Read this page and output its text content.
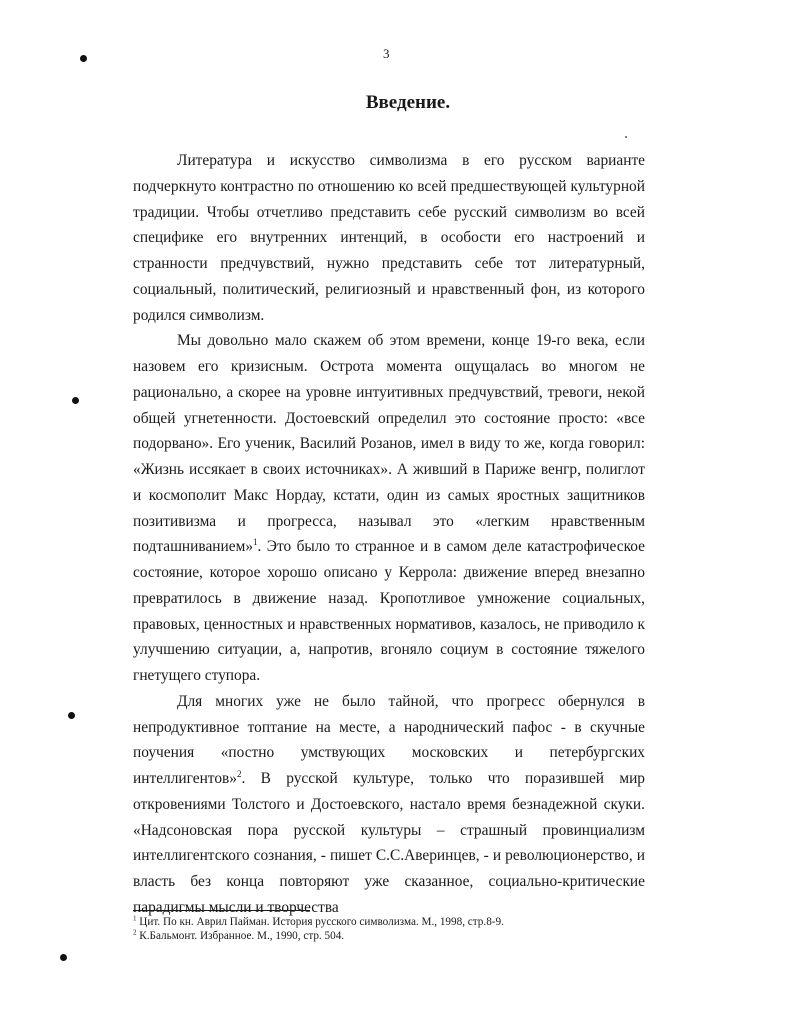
3
Введение.

Литература и искусство символизма в его русском варианте подчеркнуто контрастно по отношению ко всей предшествующей культурной традиции. Чтобы отчетливо представить себе русский символизм во всей специфике его внутренних интенций, в особости его настроений и странности предчувствий, нужно представить себе тот литературный, социальный, политический, религиозный и нравственный фон, из которого родился символизм.

Мы довольно мало скажем об этом времени, конце 19-го века, если назовем его кризисным. Острота момента ощущалась во многом не рационально, а скорее на уровне интуитивных предчувствий, тревоги, некой общей угнетенности. Достоевский определил это состояние просто: «все подорвано». Его ученик, Василий Розанов, имел в виду то же, когда говорил: «Жизнь иссякает в своих источниках». А живший в Париже венгр, полиглот и космополит Макс Нордау, кстати, один из самых яростных защитников позитивизма и прогресса, называл это «легким нравственным подташниванием»$^1$. Это было то странное и в самом деле катастрофическое состояние, которое хорошо описано у Керрола: движение вперед внезапно превратилось в движение назад. Кропотливое умножение социальных, правовых, ценностных и нравственных нормативов, казалось, не приводило к улучшению ситуации, а, напротив, вгоняло социум в состояние тяжелого гнетущего ступора.

Для многих уже не было тайной, что прогресс обернулся в непродуктивное топтание на месте, а народнический пафос - в скучные поучения «постно умствующих московских и петербургских интеллигентов»$^2$. В русской культуре, только что поразившей мир откровениями Толстого и Достоевского, настало время безнадежной скуки. «Надсоновская пора русской культуры – страшный провинциализм интеллигентского сознания, - пишет С.С.Аверинцев, - и революционерство, и власть без конца повторяют уже сказанное, социально-критические парадигмы мысли и творчества

$^1$ Цит. По кн. Аврил Пайман. История русского символизма. М., 1998, стр.8-9.

$^2$ К.Бальмонт. Избранное. М., 1990, стр. 504.
